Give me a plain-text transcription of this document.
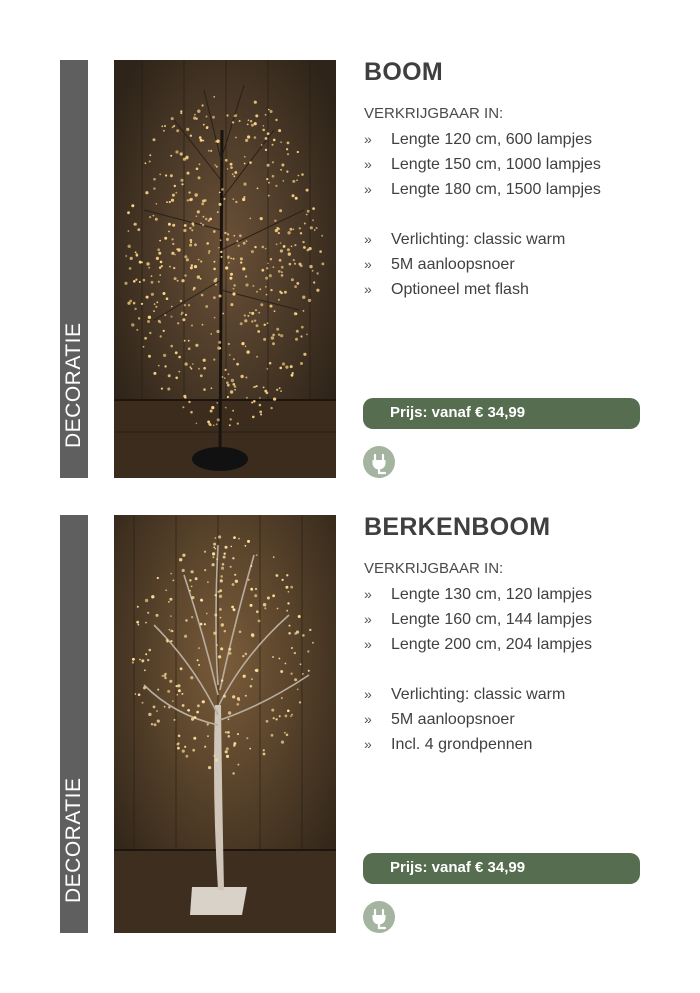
DECORATIE
BOOM
VERKRIJGBAAR IN:
» Lengte 120 cm, 600 lampjes
» Lengte 150 cm, 1000 lampjes
» Lengte 180 cm, 1500 lampjes
» Verlichting: classic warm
» 5M aanloopsnoer
» Optioneel met flash
Prijs: vanaf € 34,99
DECORATIE
BERKENBOOM
VERKRIJGBAAR IN:
» Lengte 130 cm, 120 lampjes
» Lengte 160 cm, 144 lampjes
» Lengte 200 cm, 204 lampjes
» Verlichting: classic warm
» 5M aanloopsnoer
» Incl. 4 grondpennen
Prijs: vanaf € 34,99
